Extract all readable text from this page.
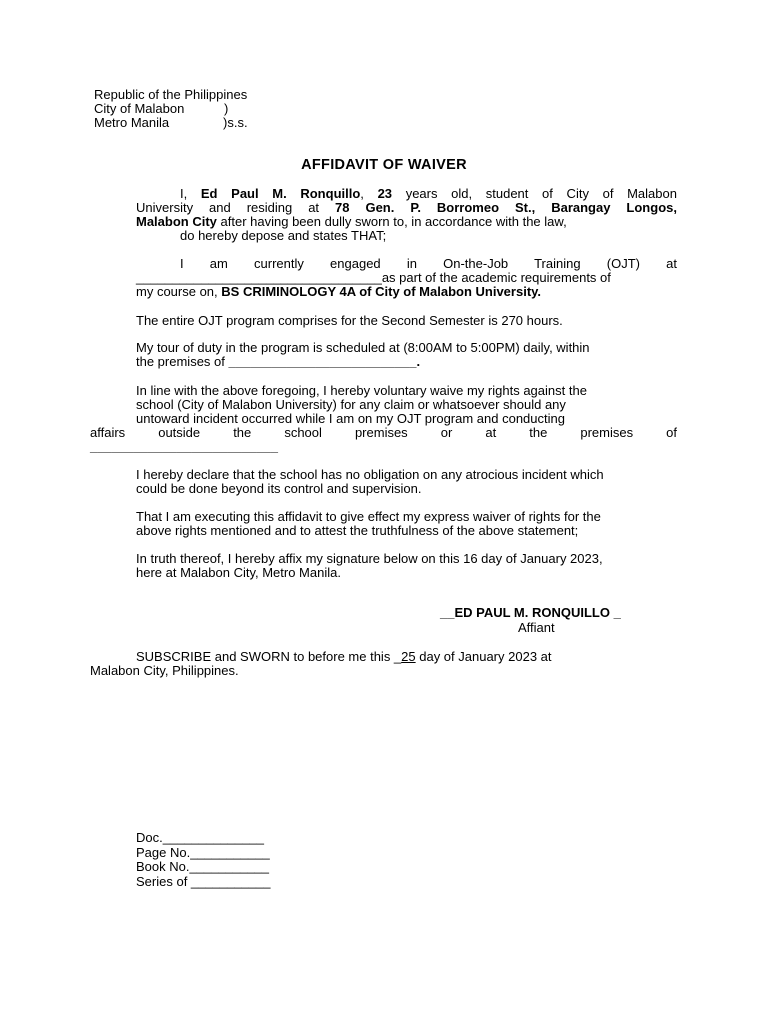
Republic of the Philippines
City of Malabon	)
Metro Manila	)s.s.
AFFIDAVIT OF WAIVER
I, Ed Paul M. Ronquillo, 23 years old, student of City of Malabon
University and residing at 78 Gen. P. Borromeo St., Barangay Longos,
Malabon City after having been dully sworn to, in accordance with the law,
do hereby depose and states THAT;
I am currently engaged in On-the-Job Training (OJT) at
__________________________________as part of the academic requirements of
my course on, BS CRIMINOLOGY 4A of City of Malabon University.
The entire OJT program comprises for the Second Semester is 270 hours.
My tour of duty in the program is scheduled at (8:00AM to 5:00PM) daily, within
the premises of __________________________.
In line with the above foregoing, I hereby voluntary waive my rights against the
school (City of Malabon University) for any claim or whatsoever should any
untoward incident occurred while I am on my OJT program and conducting
affairs outside the school premises or at the premises of
__________________________
I hereby declare that the school has no obligation on any atrocious incident which
could be done beyond its control and supervision.
That I am executing this affidavit to give effect my express waiver of rights for the
above rights mentioned and to attest the truthfulness of the above statement;
In truth thereof, I hereby affix my signature below on this 16 day of January 2023,
here at Malabon City, Metro Manila.
__ED PAUL M. RONQUILLO _
Affiant
SUBSCRIBE and SWORN to before me this _25 day of January 2023 at
Malabon City, Philippines.
Doc.______________
Page No.___________
Book No.___________
Series of ___________
